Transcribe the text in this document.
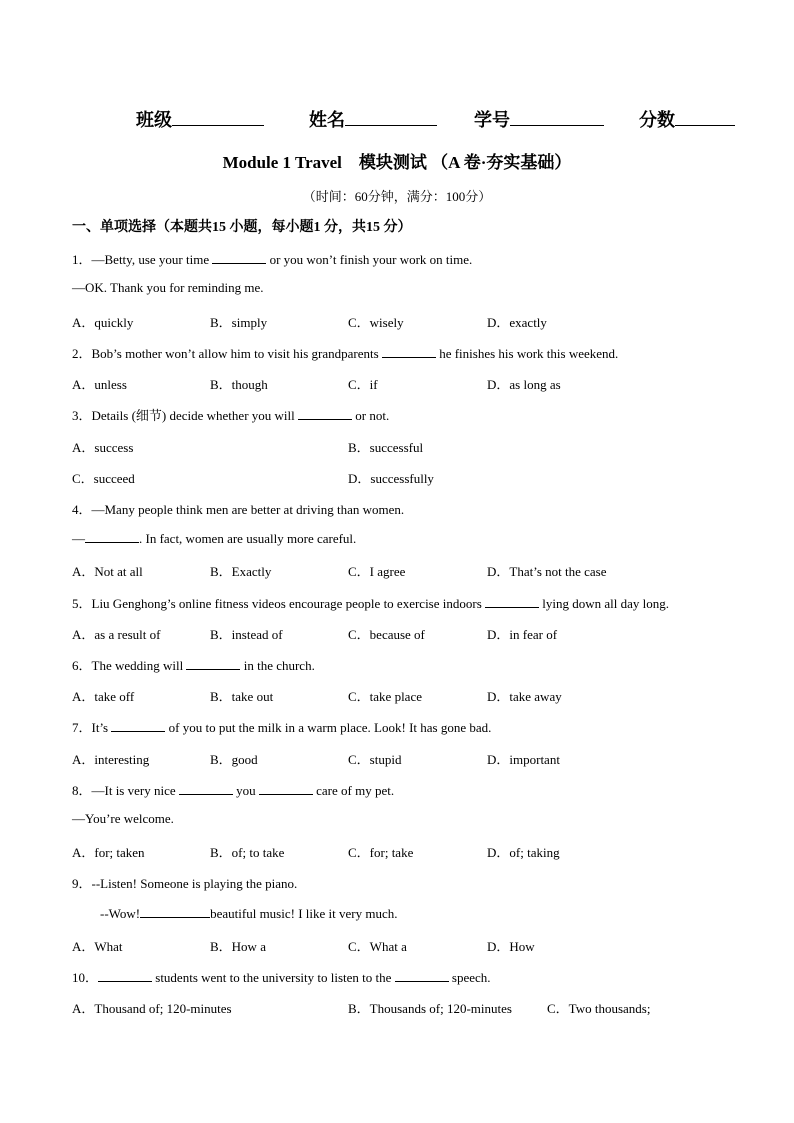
班级	姓名	学号	分数
Module 1 Travel　模块测试 （A 卷·夯实基础）
（时间：60分钟，满分：100分）
一、单项选择（本题共15 小题，每小题1 分，共15 分）
1．—Betty, use your time	or you won’t finish your work on time.
—OK. Thank you for reminding me.
A．quickly	B．simply	C．wisely	D．exactly
2．Bob’s mother won’t allow him to visit his grandparents	he finishes his work this weekend.
A．unless	B．though	C．if	D．as long as
3．Details (细节) decide whether you will	or not.
A．success	B．successful
C．succeed	D．successfully
4．—Many people think men are better at driving than women.
—	. In fact, women are usually more careful.
A．Not at all	B．Exactly	C．I agree	D．That’s not the case
5．Liu Genghong’s online fitness videos encourage people to exercise indoors	lying down all day long.
A．as a result of	B．instead of	C．because of	D．in fear of
6．The wedding will	in the church.
A．take off	B．take out	C．take place	D．take away
7．It’s	of you to put the milk in a warm place. Look! It has gone bad.
A．interesting	B．good	C．stupid	D．important
8．—It is very nice	you	care of my pet.
—You’re welcome.
A．for; taken	B．of; to take	C．for; take	D．of; taking
9．--Listen! Someone is playing the piano.
--Wow!	beautiful music! I like it very much.
A．What	B．How a	C．What a	D．How
10．	students went to the university to listen to the	speech.
A．Thousand of; 120-minutes	B．Thousands of; 120-minutes	C．Two thousands;
